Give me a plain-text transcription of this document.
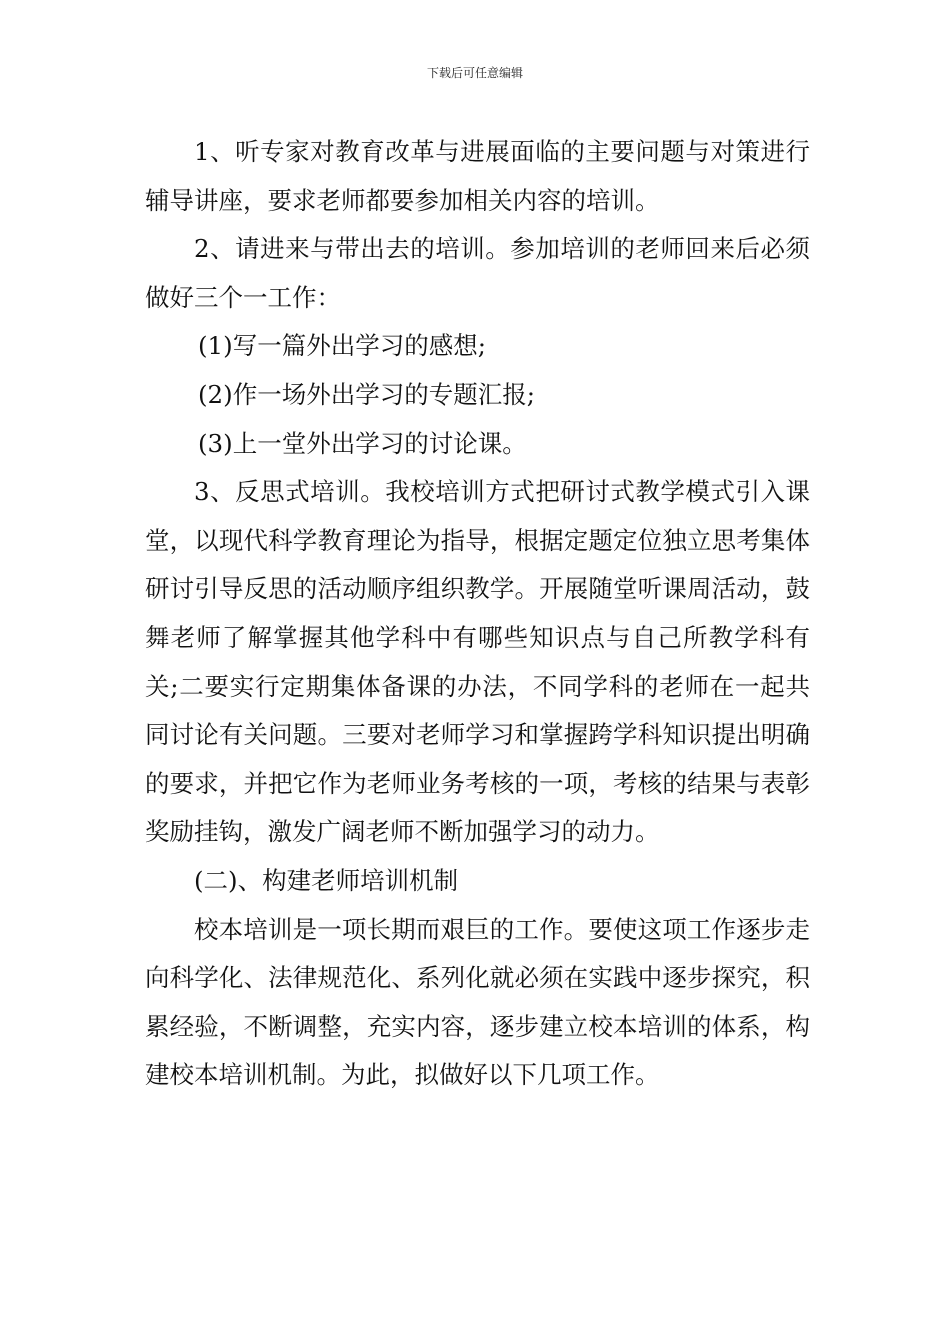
下载后可任意编辑

1、听专家对教育改革与进展面临的主要问题与对策进行辅导讲座，要求老师都要参加相关内容的培训。

2、请进来与带出去的培训。参加培训的老师回来后必须做好三个一工作：

(1)写一篇外出学习的感想;

(2)作一场外出学习的专题汇报;

(3)上一堂外出学习的讨论课。

3、反思式培训。我校培训方式把研讨式教学模式引入课堂，以现代科学教育理论为指导，根据定题定位独立思考集体研讨引导反思的活动顺序组织教学。开展随堂听课周活动，鼓舞老师了解掌握其他学科中有哪些知识点与自己所教学科有关;二要实行定期集体备课的办法，不同学科的老师在一起共同讨论有关问题。三要对老师学习和掌握跨学科知识提出明确的要求，并把它作为老师业务考核的一项，考核的结果与表彰奖励挂钩，激发广阔老师不断加强学习的动力。

(二)、构建老师培训机制

校本培训是一项长期而艰巨的工作。要使这项工作逐步走向科学化、法律规范化、系列化就必须在实践中逐步探究，积累经验，不断调整，充实内容，逐步建立校本培训的体系，构建校本培训机制。为此，拟做好以下几项工作。
